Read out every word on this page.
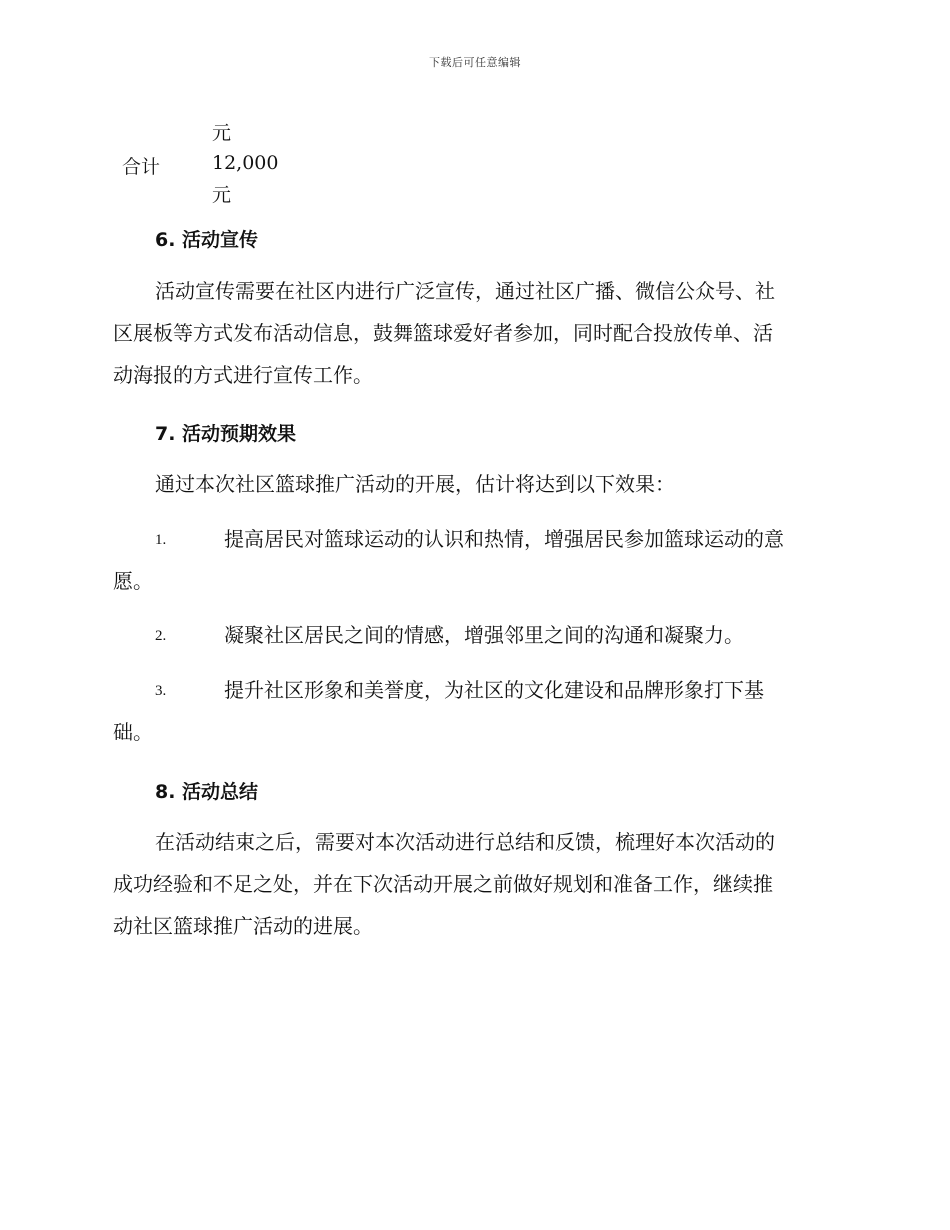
下载后可任意编辑
元
合计	12,000
元
6. 活动宣传
活动宣传需要在社区内进行广泛宣传，通过社区广播、微信公众号、社
区展板等方式发布活动信息，鼓舞篮球爱好者参加，同时配合投放传单、活
动海报的方式进行宣传工作。
7. 活动预期效果
通过本次社区篮球推广活动的开展，估计将达到以下效果：
1.	提高居民对篮球运动的认识和热情，增强居民参加篮球运动的意
愿。
2.	凝聚社区居民之间的情感，增强邻里之间的沟通和凝聚力。
3.	提升社区形象和美誉度，为社区的文化建设和品牌形象打下基
础。
8. 活动总结
在活动结束之后，需要对本次活动进行总结和反馈，梳理好本次活动的
成功经验和不足之处，并在下次活动开展之前做好规划和准备工作，继续推
动社区篮球推广活动的进展。
